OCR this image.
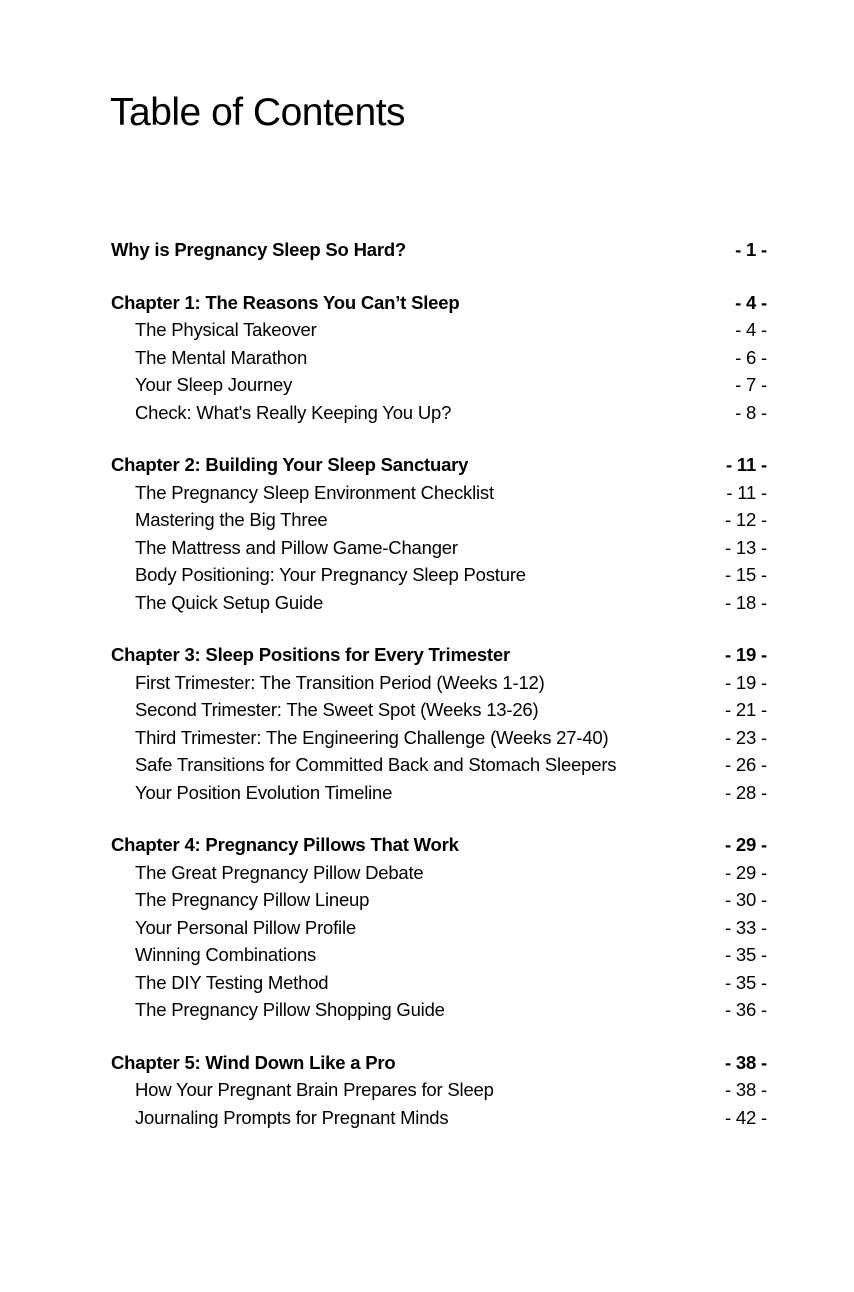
Table of Contents
Why is Pregnancy Sleep So Hard?	- 1 -
Chapter 1: The Reasons You Can’t Sleep	- 4 -
The Physical Takeover	- 4 -
The Mental Marathon	- 6 -
Your Sleep Journey	- 7 -
Check: What's Really Keeping You Up?	- 8 -
Chapter 2: Building Your Sleep Sanctuary	- 11 -
The Pregnancy Sleep Environment Checklist	- 11 -
Mastering the Big Three	- 12 -
The Mattress and Pillow Game-Changer	- 13 -
Body Positioning: Your Pregnancy Sleep Posture	- 15 -
The Quick Setup Guide	- 18 -
Chapter 3: Sleep Positions for Every Trimester	- 19 -
First Trimester: The Transition Period (Weeks 1-12)	- 19 -
Second Trimester: The Sweet Spot (Weeks 13-26)	- 21 -
Third Trimester: The Engineering Challenge (Weeks 27-40)	- 23 -
Safe Transitions for Committed Back and Stomach Sleepers	- 26 -
Your Position Evolution Timeline	- 28 -
Chapter 4: Pregnancy Pillows That Work	- 29 -
The Great Pregnancy Pillow Debate	- 29 -
The Pregnancy Pillow Lineup	- 30 -
Your Personal Pillow Profile	- 33 -
Winning Combinations	- 35 -
The DIY Testing Method	- 35 -
The Pregnancy Pillow Shopping Guide	- 36 -
Chapter 5: Wind Down Like a Pro	- 38 -
How Your Pregnant Brain Prepares for Sleep	- 38 -
Journaling Prompts for Pregnant Minds	- 42 -
